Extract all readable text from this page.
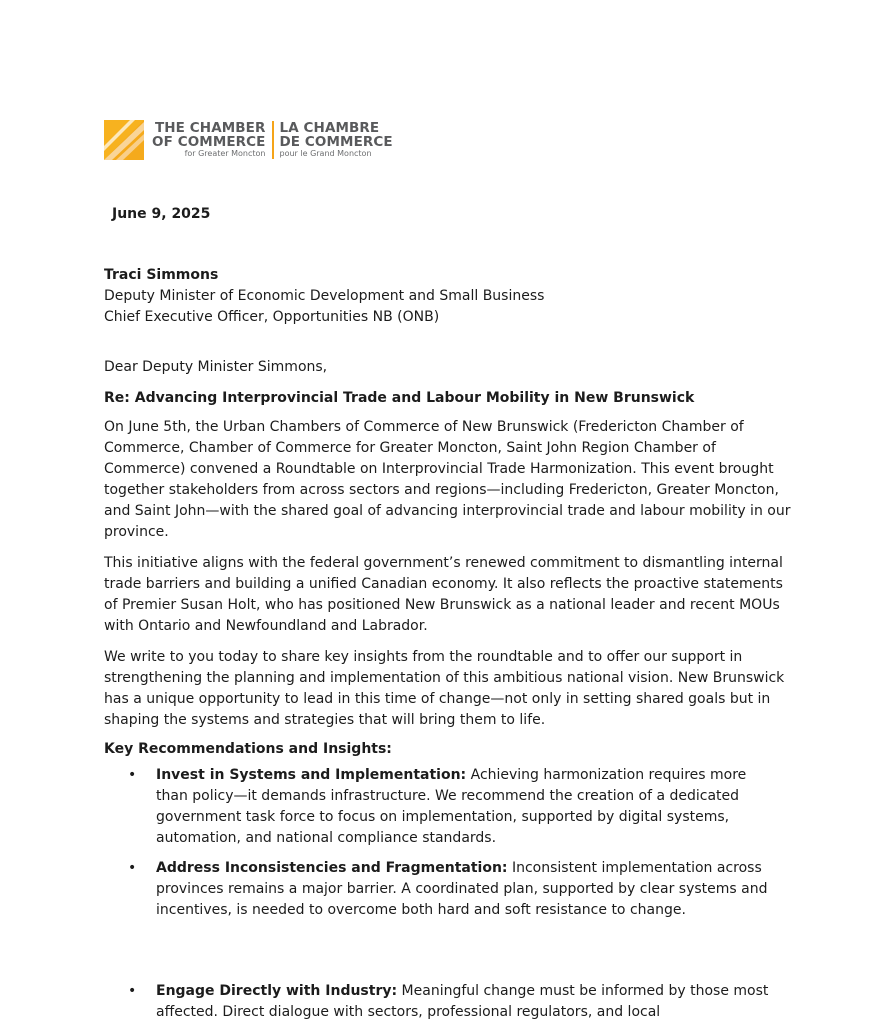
THE CHAMBER
OF COMMERCE
for Greater Moncton
LA CHAMBRE
DE COMMERCE
pour le Grand Moncton
June 9, 2025
Traci Simmons
Deputy Minister of Economic Development and Small Business
Chief Executive Officer, Opportunities NB (ONB)
Dear Deputy Minister Simmons,
Re: Advancing Interprovincial Trade and Labour Mobility in New Brunswick
On June 5th, the Urban Chambers of Commerce of New Brunswick (Fredericton Chamber of Commerce, Chamber of Commerce for Greater Moncton, Saint John Region Chamber of Commerce) convened a Roundtable on Interprovincial Trade Harmonization. This event brought together stakeholders from across sectors and regions—including Fredericton, Greater Moncton, and Saint John—with the shared goal of advancing interprovincial trade and labour mobility in our province.
This initiative aligns with the federal government’s renewed commitment to dismantling internal trade barriers and building a unified Canadian economy. It also reflects the proactive statements of Premier Susan Holt, who has positioned New Brunswick as a national leader and recent MOUs with Ontario and Newfoundland and Labrador.
We write to you today to share key insights from the roundtable and to offer our support in strengthening the planning and implementation of this ambitious national vision. New Brunswick has a unique opportunity to lead in this time of change—not only in setting shared goals but in shaping the systems and strategies that will bring them to life.
Key Recommendations and Insights:
• Invest in Systems and Implementation: Achieving harmonization requires more than policy—it demands infrastructure. We recommend the creation of a dedicated government task force to focus on implementation, supported by digital systems, automation, and national compliance standards.
• Address Inconsistencies and Fragmentation: Inconsistent implementation across provinces remains a major barrier. A coordinated plan, supported by clear systems and incentives, is needed to overcome both hard and soft resistance to change.
• Engage Directly with Industry: Meaningful change must be informed by those most affected. Direct dialogue with sectors, professional regulators, and local
